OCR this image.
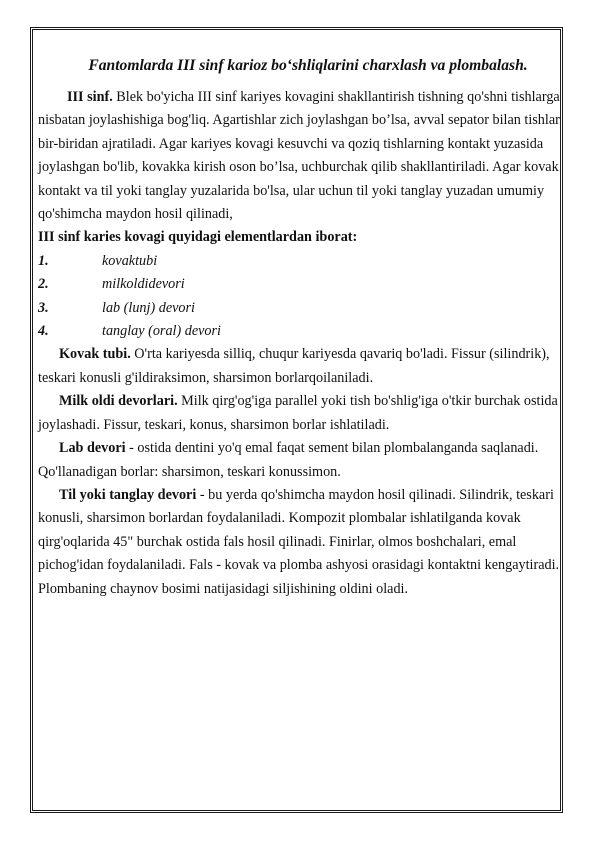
Fantomlarda III sinf karioz bo‘shliqlarini charxlash va plombalash.

III sinf. Blek bo'yicha III sinf kariyes kovagini shakllantirish tishning qo'shni tishlarga nisbatan joylashishiga bog'liq. Agartishlar zich joylashgan bo’lsa, avval sepator bilan tishlar bir-biridan ajratiladi. Agar kariyes kovagi kesuvchi va qoziq tishlarning kontakt yuzasida joylashgan bo'lib, kovakka kirish oson bo’lsa, uchburchak qilib shakllantiriladi. Agar kovak kontakt va til yoki tanglay yuzalarida bo'lsa, ular uchun til yoki tanglay yuzadan umumiy qo'shimcha maydon hosil qilinadi,

III sinf karies kovagi quyidagi elementlardan iborat:

1.	kovaktubi
2.	milkoldidevori
3.	lab (lunj) devori
4.	tanglay (oral) devori

Kovak tubi. O'rta kariyesda silliq, chuqur kariyesda qavariq bo'ladi. Fissur (silindrik), teskari konusli g'ildiraksimon, sharsimon borlarqoilaniladi.

Milk oldi devorlari. Milk qirg'og'iga parallel yoki tish bo'shlig'iga o'tkir burchak ostida joylashadi. Fissur, teskari, konus, sharsimon borlar ishlatiladi.

Lab devori - ostida dentini yo'q emal faqat sement bilan plombalanganda saqlanadi. Qo'llanadigan borlar: sharsimon, teskari konussimon.

Til yoki tanglay devori - bu yerda qo'shimcha maydon hosil qilinadi. Silindrik, teskari konusli, sharsimon borlardan foydalaniladi. Kompozit plombalar ishlatilganda kovak qirg'oqlarida 45" burchak ostida fals hosil qilinadi. Finirlar, olmos boshchalari, emal pichog'idan foydalaniladi. Fals - kovak va plomba ashyosi orasidagi kontaktni kengaytiradi. Plombaning chaynov bosimi natijasidagi siljishining oldini oladi.
